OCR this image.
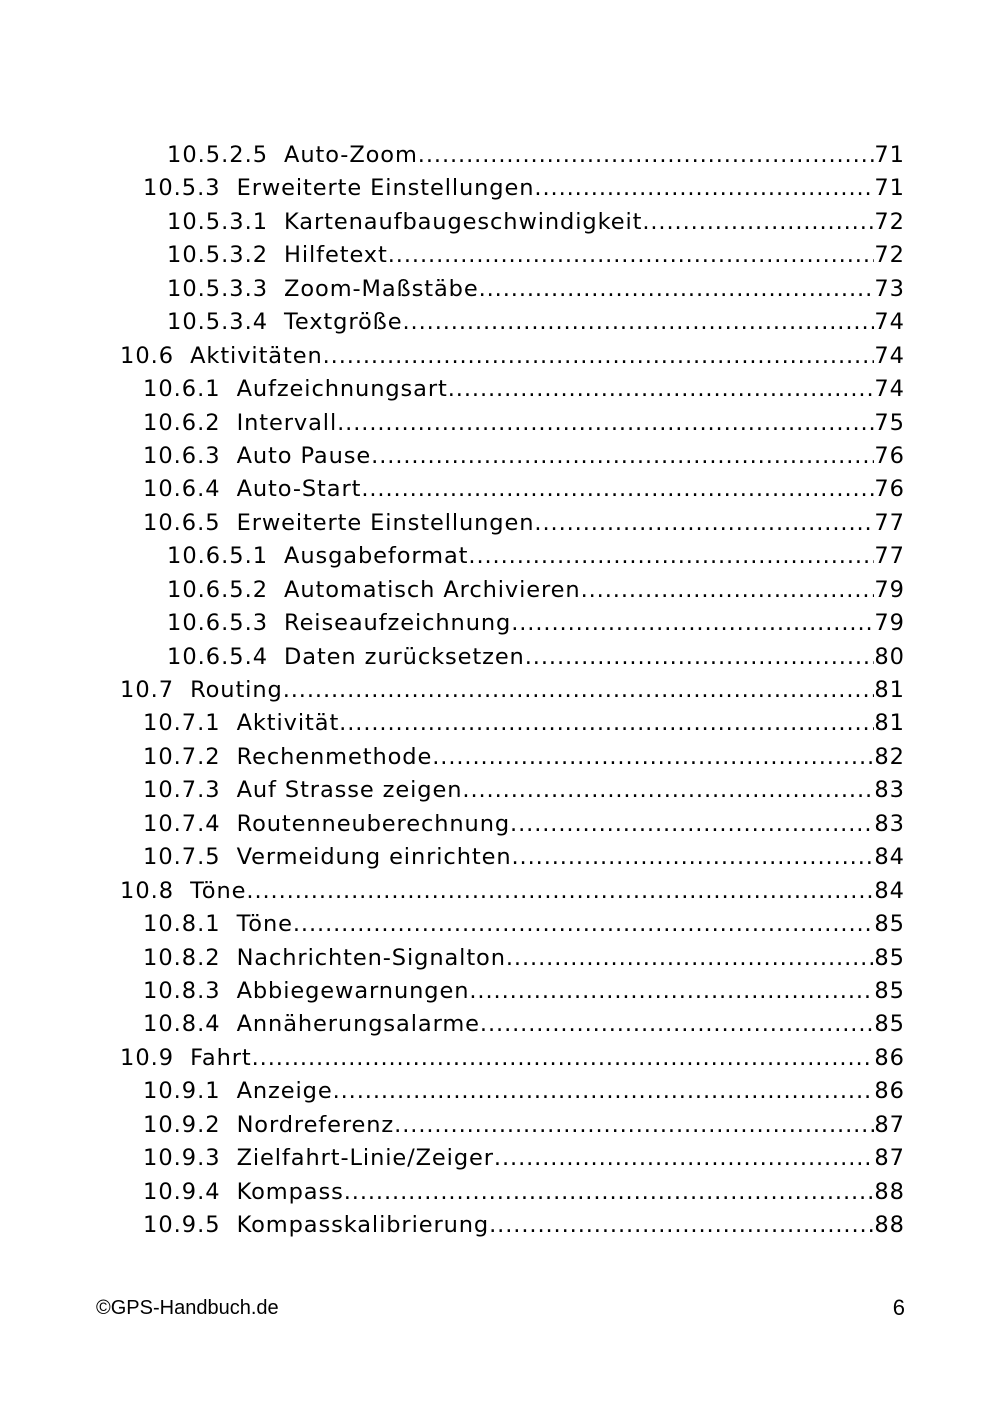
10.5.2.5 Auto-Zoom .....	71
10.5.3 Erweiterte Einstellungen .....	71
10.5.3.1 Kartenaufbaugeschwindigkeit .....	72
10.5.3.2 Hilfetext .....	72
10.5.3.3 Zoom-Maßstäbe .....	73
10.5.3.4 Textgröße .....	74
10.6 Aktivitäten .....	74
10.6.1 Aufzeichnungsart .....	74
10.6.2 Intervall .....	75
10.6.3 Auto Pause .....	76
10.6.4 Auto-Start .....	76
10.6.5 Erweiterte Einstellungen .....	77
10.6.5.1 Ausgabeformat .....	77
10.6.5.2 Automatisch Archivieren .....	79
10.6.5.3 Reiseaufzeichnung .....	79
10.6.5.4 Daten zurücksetzen .....	80
10.7 Routing .....	81
10.7.1 Aktivität .....	81
10.7.2 Rechenmethode .....	82
10.7.3 Auf Strasse zeigen .....	83
10.7.4 Routenneuberechnung .....	83
10.7.5 Vermeidung einrichten .....	84
10.8 Töne .....	84
10.8.1 Töne .....	85
10.8.2 Nachrichten-Signalton .....	85
10.8.3 Abbiegewarnungen .....	85
10.8.4 Annäherungsalarme .....	85
10.9 Fahrt .....	86
10.9.1 Anzeige .....	86
10.9.2 Nordreferenz .....	87
10.9.3 Zielfahrt-Linie/Zeiger .....	87
10.9.4 Kompass .....	88
10.9.5 Kompasskalibrierung .....	88
©GPS-Handbuch.de	6
